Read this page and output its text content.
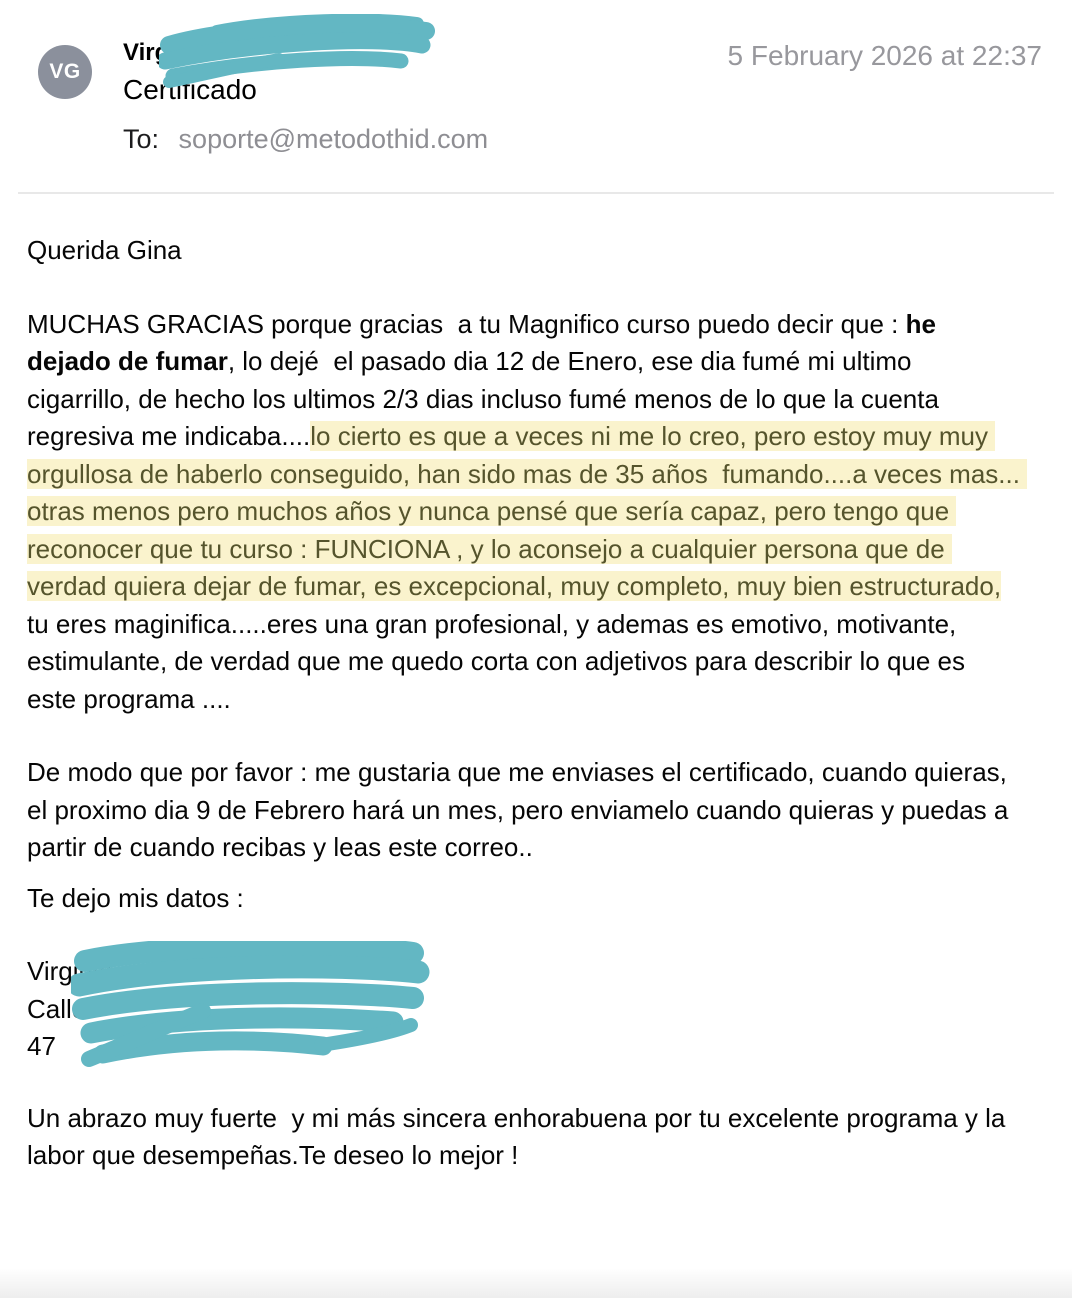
VG
Virgin
Certificado
To: soporte@metodothid.com
5 February 2026 at 22:37

Querida Gina

MUCHAS GRACIAS porque gracias  a tu Magnifico curso puedo decir que : he dejado de fumar, lo dejé  el pasado dia 12 de Enero, ese dia fumé mi ultimo cigarrillo, de hecho los ultimos 2/3 dias incluso fumé menos de lo que la cuenta regresiva me indicaba....lo cierto es que a veces ni me lo creo, pero estoy muy muy orgullosa de haberlo conseguido, han sido mas de 35 años  fumando....a veces mas... otras menos pero muchos años y nunca pensé que sería capaz, pero tengo que reconocer que tu curso : FUNCIONA , y lo aconsejo a cualquier persona que de verdad quiera dejar de fumar, es excepcional, muy completo, muy bien estructurado, tu eres maginifica.....eres una gran profesional, y ademas es emotivo, motivante, estimulante, de verdad que me quedo corta con adjetivos para describir lo que es este programa ....

De modo que por favor : me gustaria que me enviases el certificado, cuando quieras, el proximo dia 9 de Febrero hará un mes, pero enviamelo cuando quieras y puedas a partir de cuando recibas y leas este correo..

Te dejo mis datos :

Virginia
Calle
47

Un abrazo muy fuerte  y mi más sincera enhorabuena por tu excelente programa y la labor que desempeñas.Te deseo lo mejor !
